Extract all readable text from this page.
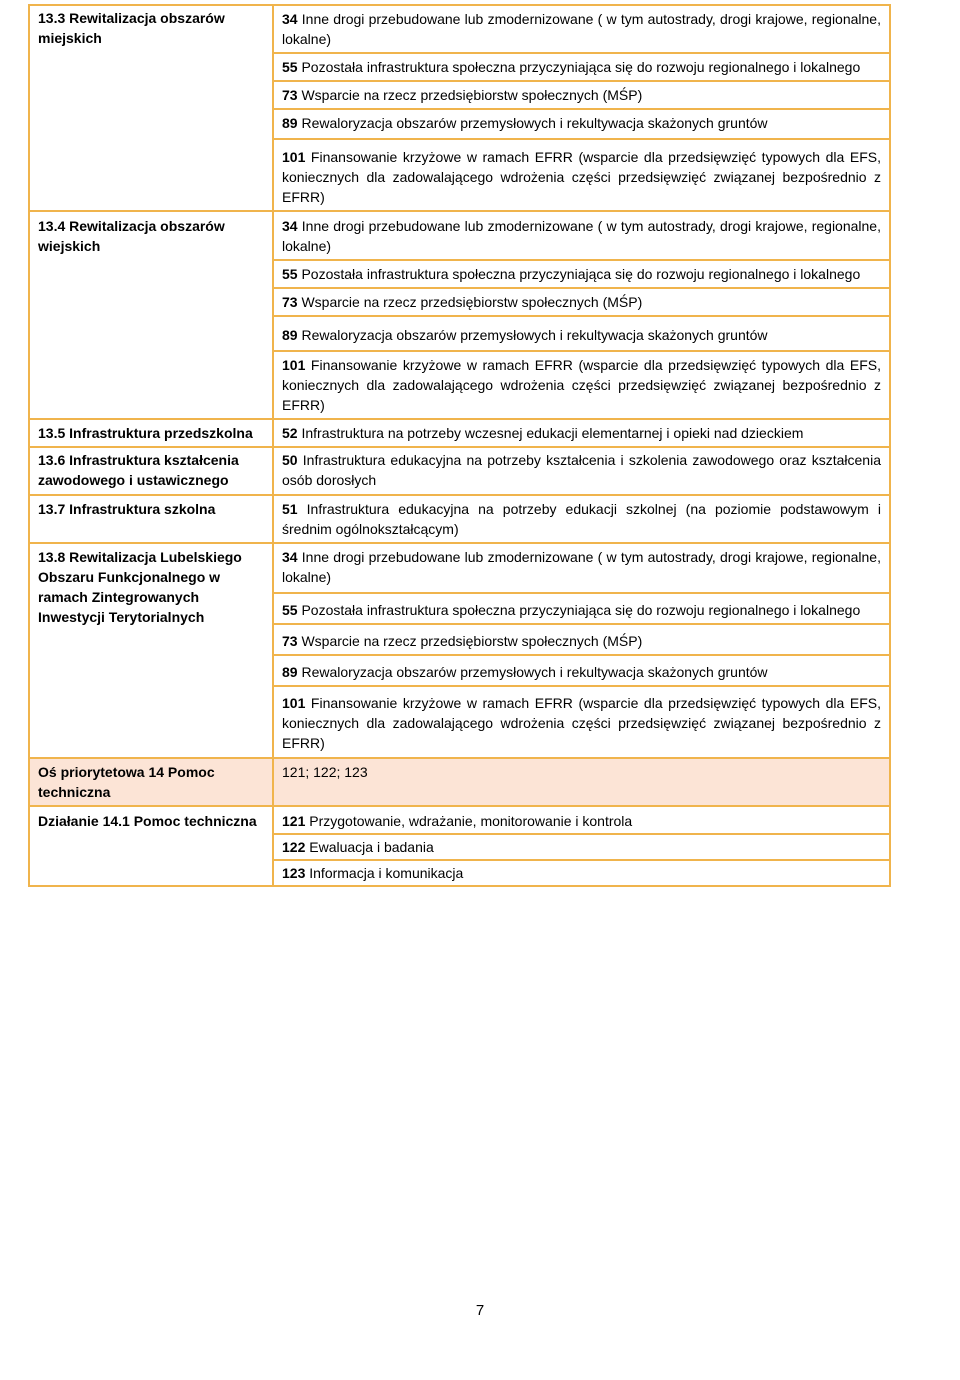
13.3 Rewitalizacja obszarów miejskich	34 Inne drogi przebudowane lub zmodernizowane ( w tym autostrady, drogi krajowe, regionalne, lokalne)
	55 Pozostała infrastruktura społeczna przyczyniająca się do rozwoju regionalnego i lokalnego
	73 Wsparcie na rzecz przedsiębiorstw społecznych (MŚP)
	89 Rewaloryzacja obszarów przemysłowych i rekultywacja skażonych gruntów
	101 Finansowanie krzyżowe w ramach EFRR (wsparcie dla przedsięwzięć typowych dla EFS, koniecznych dla zadowalającego wdrożenia części przedsięwzięć związanej bezpośrednio z EFRR)
13.4 Rewitalizacja obszarów wiejskich	34 Inne drogi przebudowane lub zmodernizowane ( w tym autostrady, drogi krajowe, regionalne, lokalne)
	55 Pozostała infrastruktura społeczna przyczyniająca się do rozwoju regionalnego i lokalnego
	73 Wsparcie na rzecz przedsiębiorstw społecznych (MŚP)
	89 Rewaloryzacja obszarów przemysłowych i rekultywacja skażonych gruntów
	101 Finansowanie krzyżowe w ramach EFRR (wsparcie dla przedsięwzięć typowych dla EFS, koniecznych dla zadowalającego wdrożenia części przedsięwzięć związanej bezpośrednio z EFRR)
13.5 Infrastruktura przedszkolna	52 Infrastruktura na potrzeby wczesnej edukacji elementarnej i opieki nad dzieckiem
13.6 Infrastruktura kształcenia zawodowego i ustawicznego	50 Infrastruktura edukacyjna na potrzeby kształcenia i szkolenia zawodowego oraz kształcenia osób dorosłych
13.7 Infrastruktura szkolna	51 Infrastruktura edukacyjna na potrzeby edukacji szkolnej (na poziomie podstawowym i średnim ogólnokształcącym)
13.8 Rewitalizacja Lubelskiego Obszaru Funkcjonalnego w ramach Zintegrowanych Inwestycji Terytorialnych	34 Inne drogi przebudowane lub zmodernizowane ( w tym autostrady, drogi krajowe, regionalne, lokalne)
	55 Pozostała infrastruktura społeczna przyczyniająca się do rozwoju regionalnego i lokalnego
	73 Wsparcie na rzecz przedsiębiorstw społecznych (MŚP)
	89 Rewaloryzacja obszarów przemysłowych i rekultywacja skażonych gruntów
	101 Finansowanie krzyżowe w ramach EFRR (wsparcie dla przedsięwzięć typowych dla EFS, koniecznych dla zadowalającego wdrożenia części przedsięwzięć związanej bezpośrednio z EFRR)
Oś priorytetowa 14 Pomoc techniczna	121; 122; 123
Działanie 14.1 Pomoc techniczna	121 Przygotowanie, wdrażanie, monitorowanie i kontrola
	122 Ewaluacja i badania
	123 Informacja i komunikacja
7
